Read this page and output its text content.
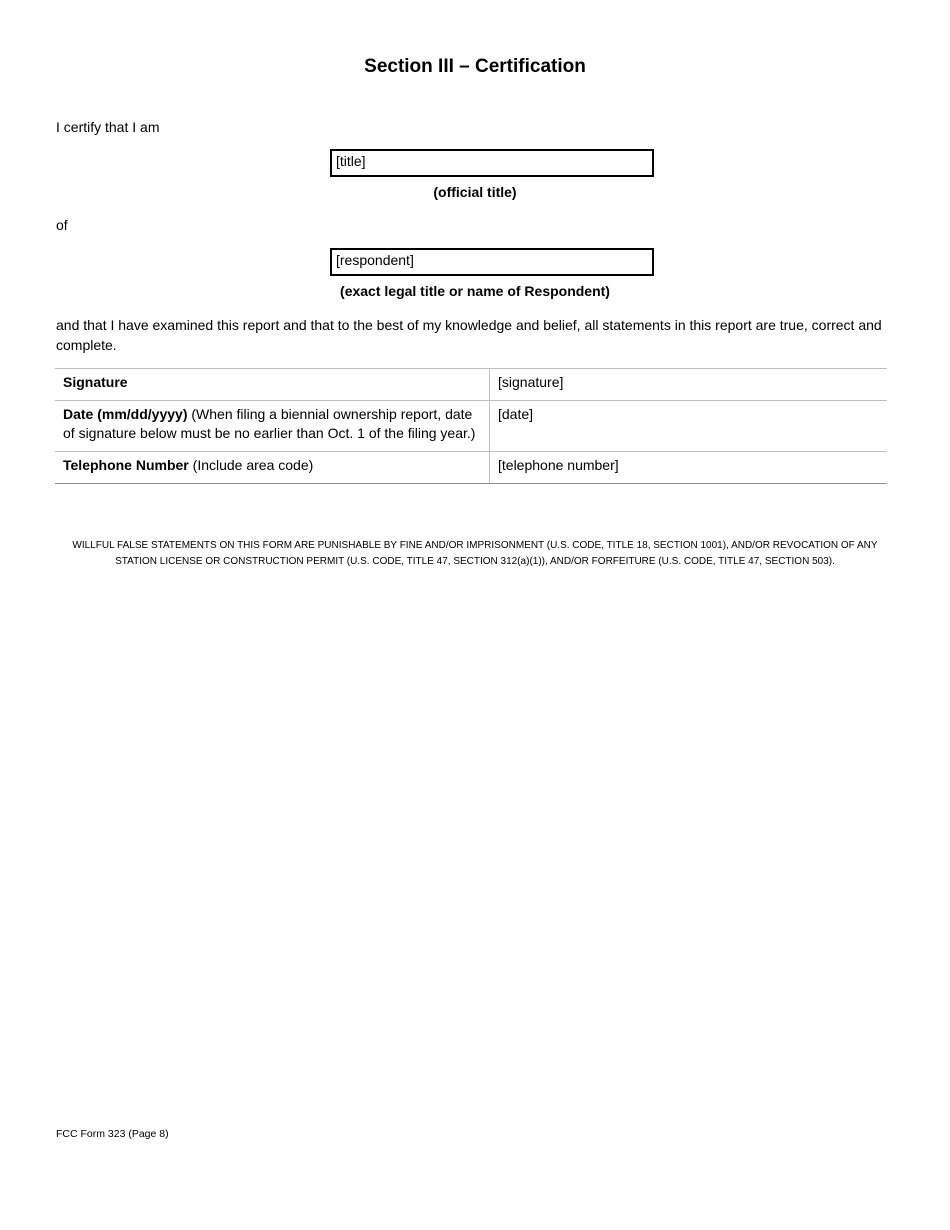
Section III – Certification
I certify that I am
[title]
(official title)
of
[respondent]
(exact legal title or name of Respondent)
and that I have examined this report and that to the best of my knowledge and belief, all statements in this report are true, correct and complete.
Signature	[signature]
Date (mm/dd/yyyy) (When filing a biennial ownership report, date of signature below must be no earlier than Oct. 1 of the filing year.)	[date]
Telephone Number (Include area code)	[telephone number]
WILLFUL FALSE STATEMENTS ON THIS FORM ARE PUNISHABLE BY FINE AND/OR IMPRISONMENT (U.S. CODE, TITLE 18, SECTION 1001), AND/OR REVOCATION OF ANY STATION LICENSE OR CONSTRUCTION PERMIT (U.S. CODE, TITLE 47, SECTION 312(a)(1)), AND/OR FORFEITURE (U.S. CODE, TITLE 47, SECTION 503).
FCC Form 323 (Page 8)
